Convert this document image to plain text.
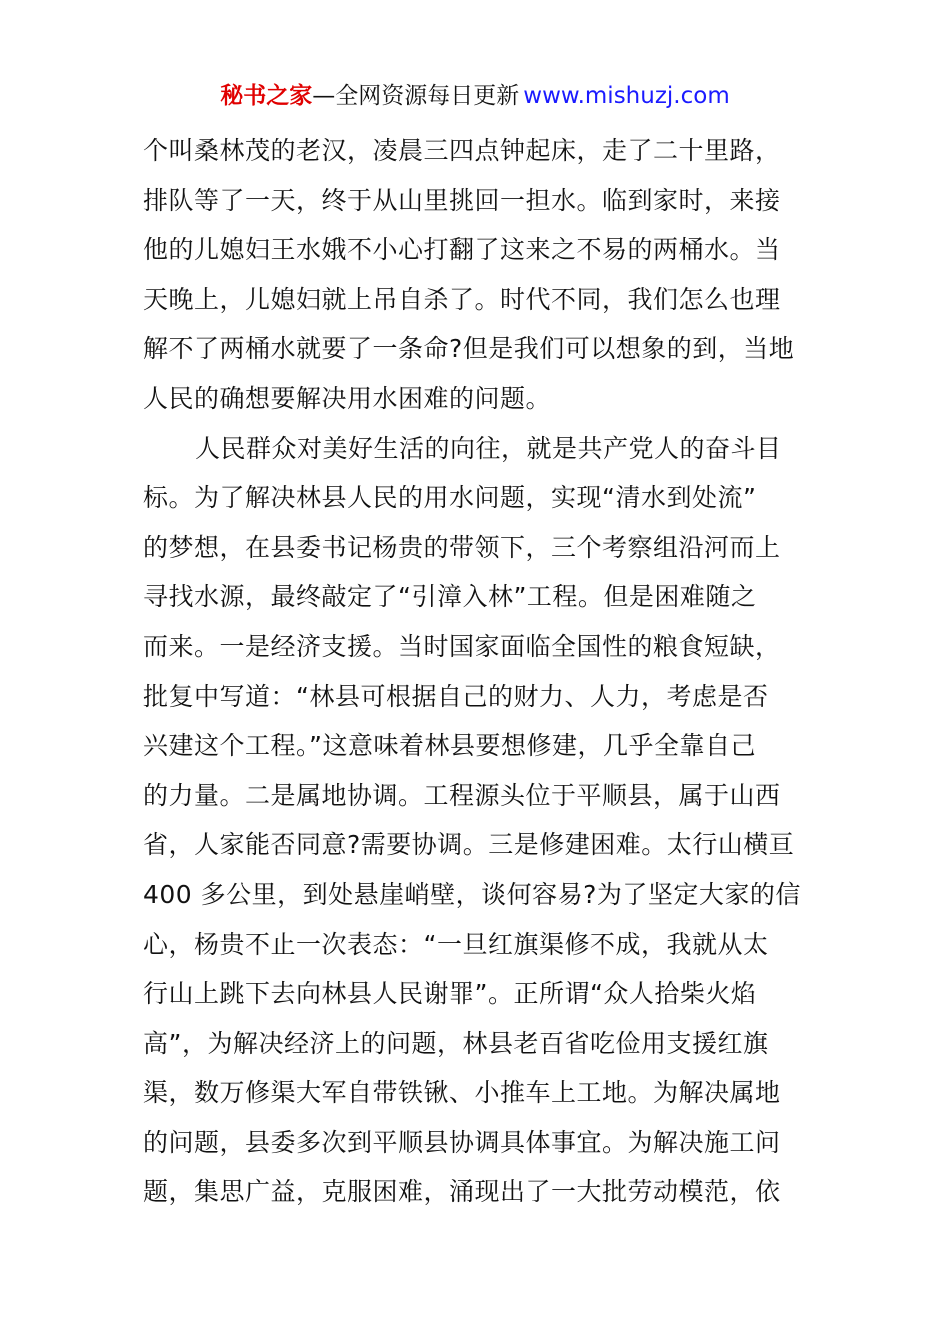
秘书之家—全网资源每日更新 www.mishuzj.com
个叫桑林茂的老汉，凌晨三四点钟起床，走了二十里路，
排队等了一天，终于从山里挑回一担水。临到家时，来接
他的儿媳妇王水娥不小心打翻了这来之不易的两桶水。当
天晚上，儿媳妇就上吊自杀了。时代不同，我们怎么也理
解不了两桶水就要了一条命?但是我们可以想象的到，当地
人民的确想要解决用水困难的问题。
人民群众对美好生活的向往，就是共产党人的奋斗目
标。为了解决林县人民的用水问题，实现“清水到处流”
的梦想，在县委书记杨贵的带领下，三个考察组沿河而上
寻找水源，最终敲定了“引漳入林”工程。但是困难随之
而来。一是经济支援。当时国家面临全国性的粮食短缺，
批复中写道：“林县可根据自己的财力、人力，考虑是否
兴建这个工程。”这意味着林县要想修建，几乎全靠自己
的力量。二是属地协调。工程源头位于平顺县，属于山西
省，人家能否同意?需要协调。三是修建困难。太行山横亘
400 多公里，到处悬崖峭壁，谈何容易?为了坚定大家的信
心，杨贵不止一次表态：“一旦红旗渠修不成，我就从太
行山上跳下去向林县人民谢罪”。正所谓“众人拾柴火焰
高”，为解决经济上的问题，林县老百省吃俭用支援红旗
渠，数万修渠大军自带铁锹、小推车上工地。为解决属地
的问题，县委多次到平顺县协调具体事宜。为解决施工问
题，集思广益，克服困难，涌现出了一大批劳动模范，依
